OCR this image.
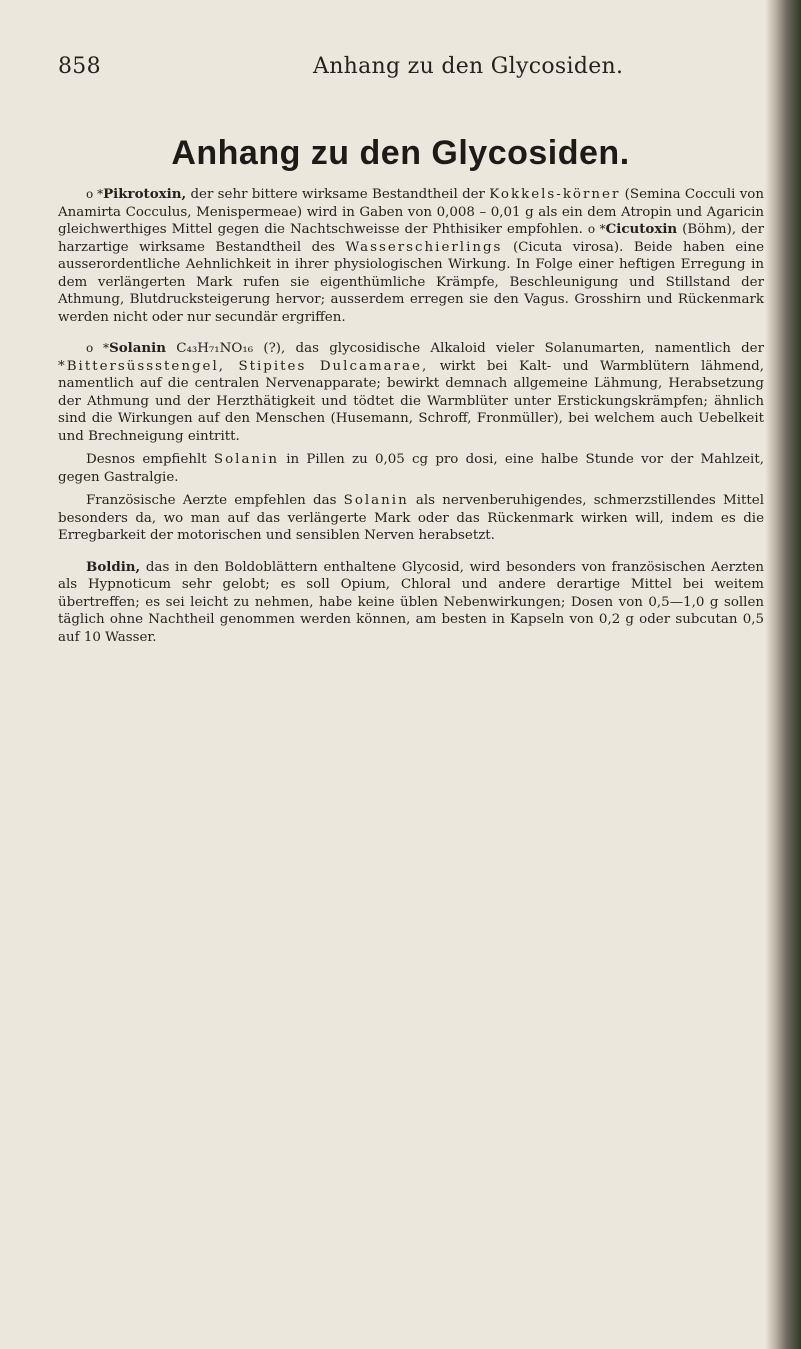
858	Anhang zu den Glycosiden.
Anhang zu den Glycosiden.

o *Pikrotoxin, der sehr bittere wirksame Bestandtheil der Kokkels-körner (Semina Cocculi von Anamirta Cocculus, Menispermeae) wird in Gaben von 0,008 – 0,01 g als ein dem Atropin und Agaricin gleichwerthiges Mittel gegen die Nachtschweisse der Phthisiker empfohlen. o *Cicutoxin (Böhm), der harzartige wirksame Bestandtheil des Wasserschierlings (Cicuta virosa). Beide haben eine ausserordentliche Aehnlichkeit in ihrer physiologischen Wirkung. In Folge einer heftigen Erregung in dem verlängerten Mark rufen sie eigenthümliche Krämpfe, Beschleunigung und Stillstand der Athmung, Blutdrucksteigerung hervor; ausserdem erregen sie den Vagus. Grosshirn und Rückenmark werden nicht oder nur secundär ergriffen.

o *Solanin C₄₃H₇₁NO₁₆ (?), das glycosidische Alkaloid vieler Solanumarten, namentlich der *Bittersüssstengel, Stipites Dulcamarae, wirkt bei Kalt- und Warmblütern lähmend, namentlich auf die centralen Nervenapparate; bewirkt demnach allgemeine Lähmung, Herabsetzung der Athmung und der Herzthätigkeit und tödtet die Warmblüter unter Erstickungskrämpfen; ähnlich sind die Wirkungen auf den Menschen (Husemann, Schroff, Fronmüller), bei welchem auch Uebelkeit und Brechneigung eintritt.

Desnos empfiehlt Solanin in Pillen zu 0,05 cg pro dosi, eine halbe Stunde vor der Mahlzeit, gegen Gastralgie.

Französische Aerzte empfehlen das Solanin als nervenberuhigendes, schmerzstillendes Mittel besonders da, wo man auf das verlängerte Mark oder das Rückenmark wirken will, indem es die Erregbarkeit der motorischen und sensiblen Nerven herabsetzt.

Boldin, das in den Boldoblättern enthaltene Glycosid, wird besonders von französischen Aerzten als Hypnoticum sehr gelobt; es soll Opium, Chloral und andere derartige Mittel bei weitem übertreffen; es sei leicht zu nehmen, habe keine üblen Nebenwirkungen; Dosen von 0,5—1,0 g sollen täglich ohne Nachtheil genommen werden können, am besten in Kapseln von 0,2 g oder subcutan 0,5 auf 10 Wasser.
